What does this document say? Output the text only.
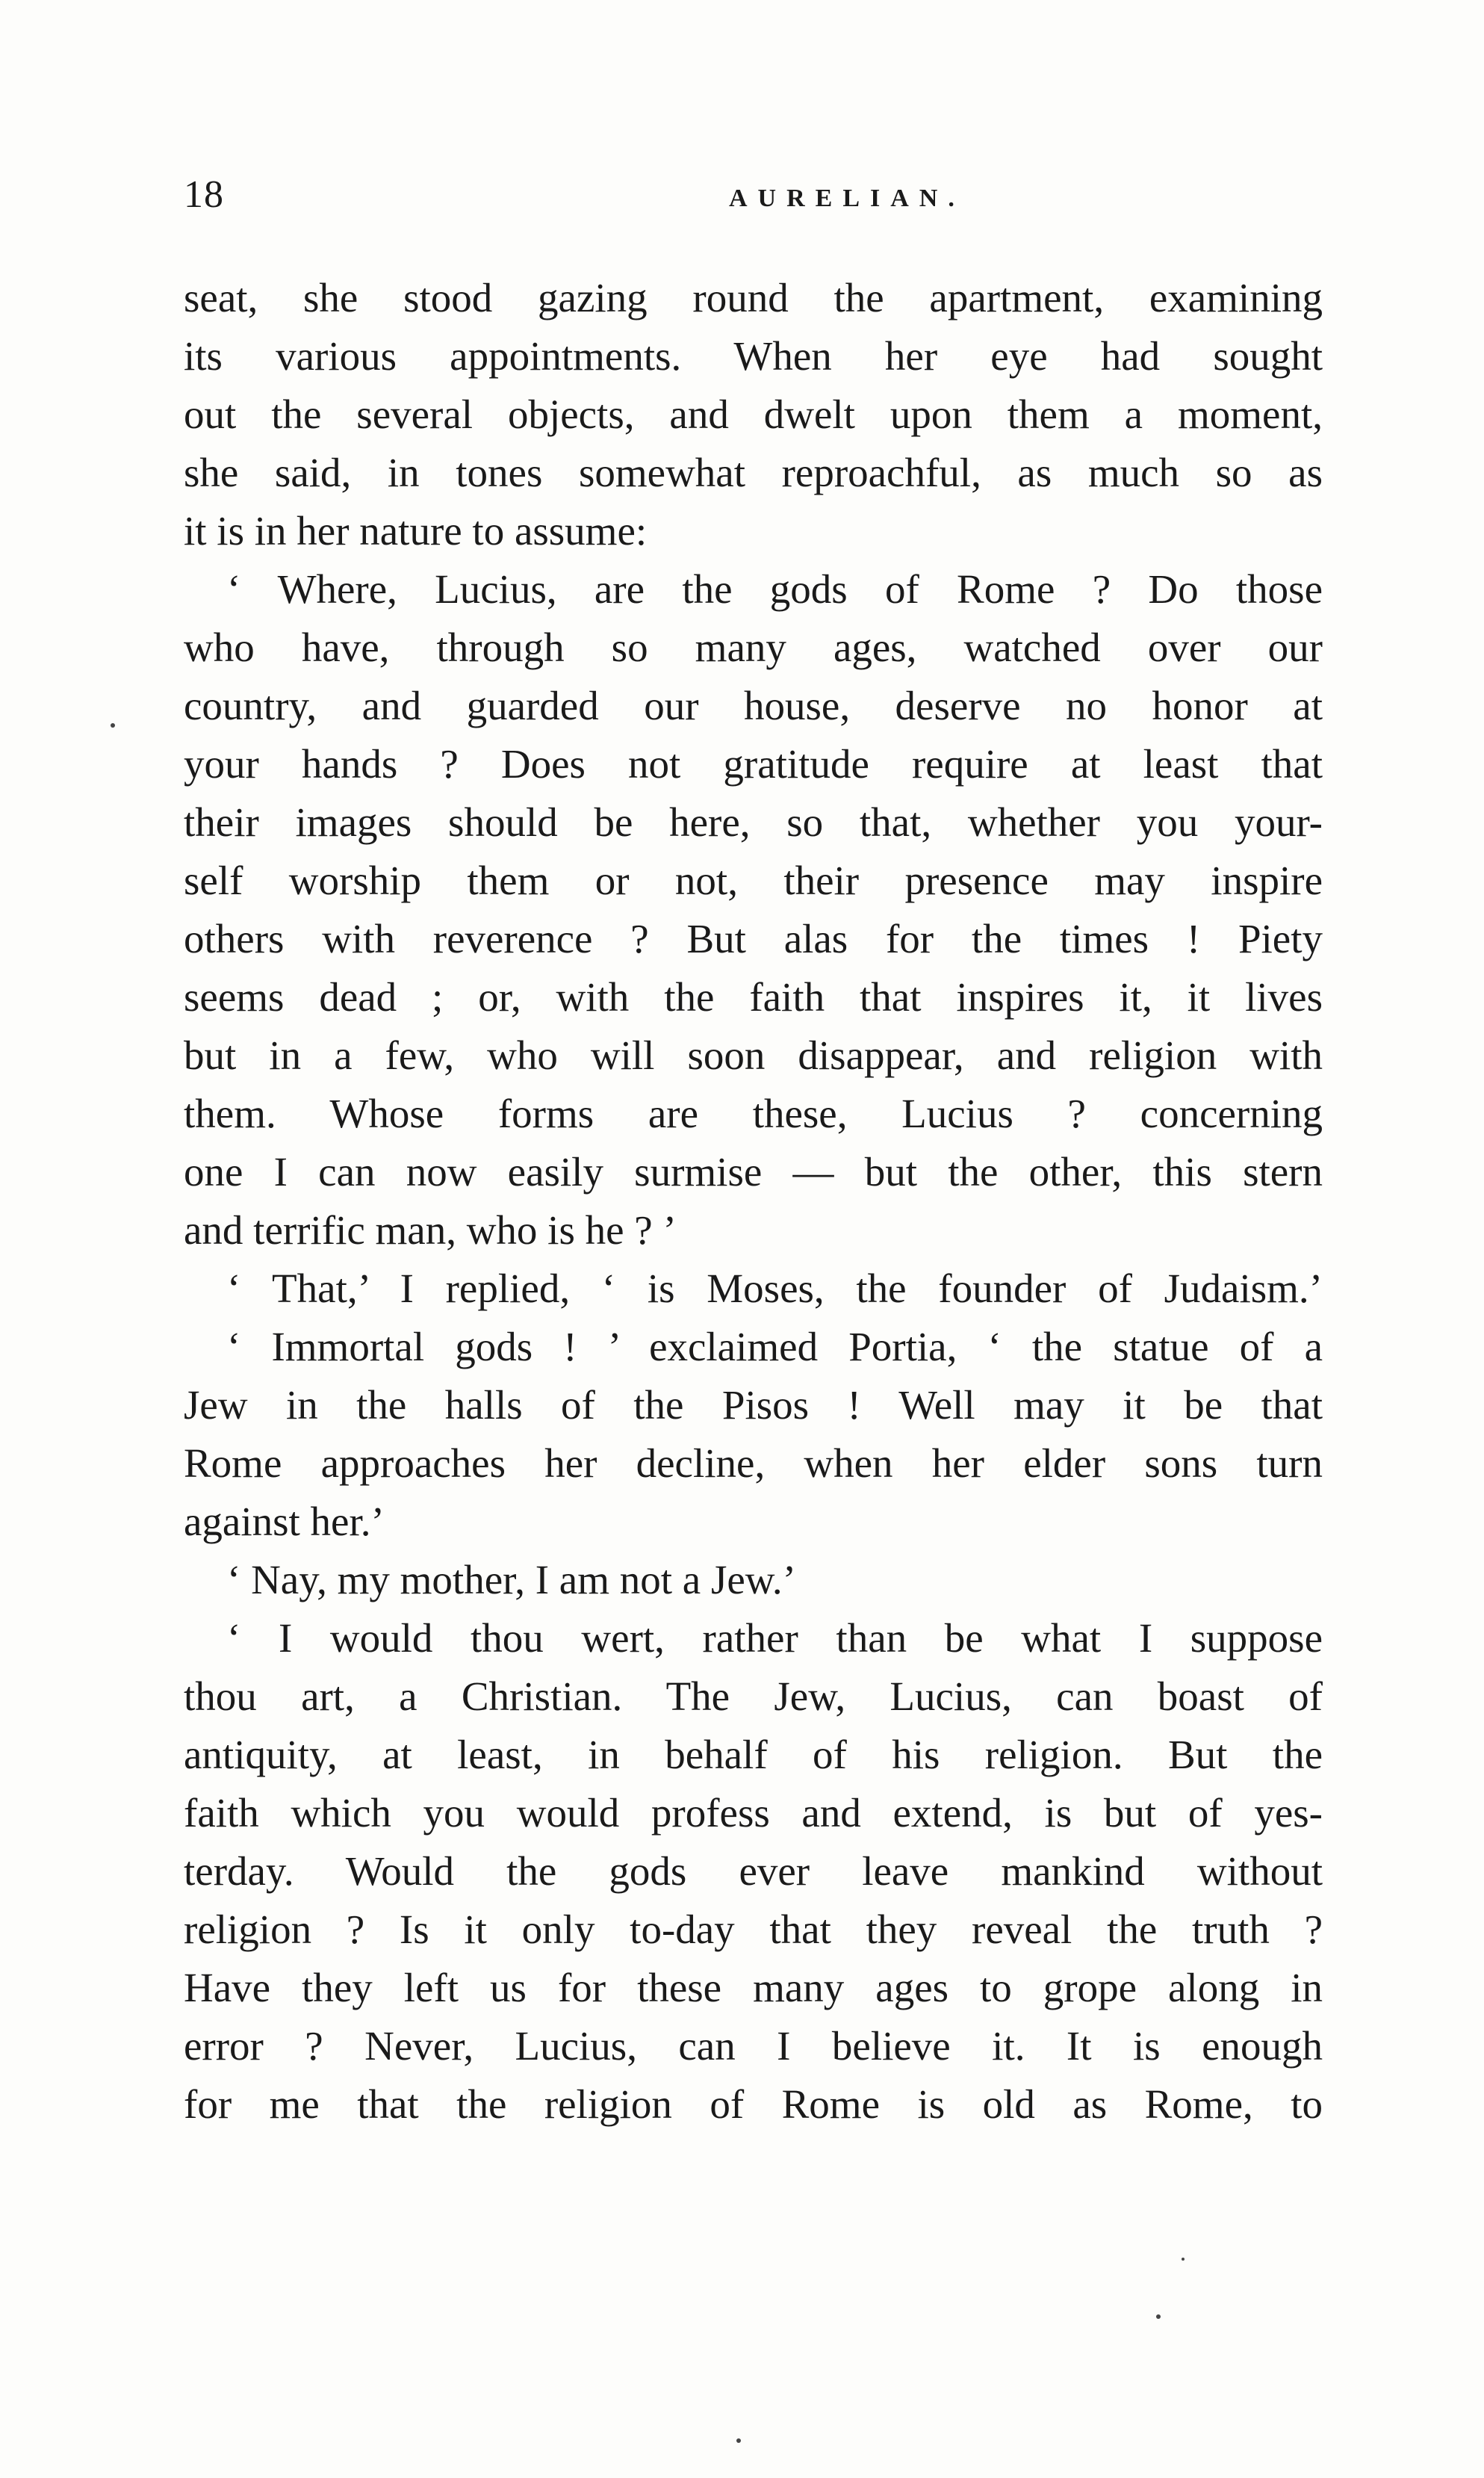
18	AURELIAN.
seat, she stood gazing round the apartment, examining
its various appointments. When her eye had sought
out the several objects, and dwelt upon them a moment,
she said, in tones somewhat reproachful, as much so as
it is in her nature to assume:
‘ Where, Lucius, are the gods of Rome ? Do those
who have, through so many ages, watched over our
country, and guarded our house, deserve no honor at
your hands ? Does not gratitude require at least that
their images should be here, so that, whether you your-
self worship them or not, their presence may inspire
others with reverence ? But alas for the times ! Piety
seems dead ; or, with the faith that inspires it, it lives
but in a few, who will soon disappear, and religion with
them. Whose forms are these, Lucius ? concerning
one I can now easily surmise — but the other, this stern
and terrific man, who is he ? ’
‘ That,’ I replied, ‘ is Moses, the founder of Judaism.’
‘ Immortal gods ! ’ exclaimed Portia, ‘ the statue of a
Jew in the halls of the Pisos ! Well may it be that
Rome approaches her decline, when her elder sons turn
against her.’
‘ Nay, my mother, I am not a Jew.’
‘ I would thou wert, rather than be what I suppose
thou art, a Christian. The Jew, Lucius, can boast of
antiquity, at least, in behalf of his religion. But the
faith which you would profess and extend, is but of yes-
terday. Would the gods ever leave mankind without
religion ? Is it only to-day that they reveal the truth ?
Have they left us for these many ages to grope along in
error ? Never, Lucius, can I believe it. It is enough
for me that the religion of Rome is old as Rome, to
